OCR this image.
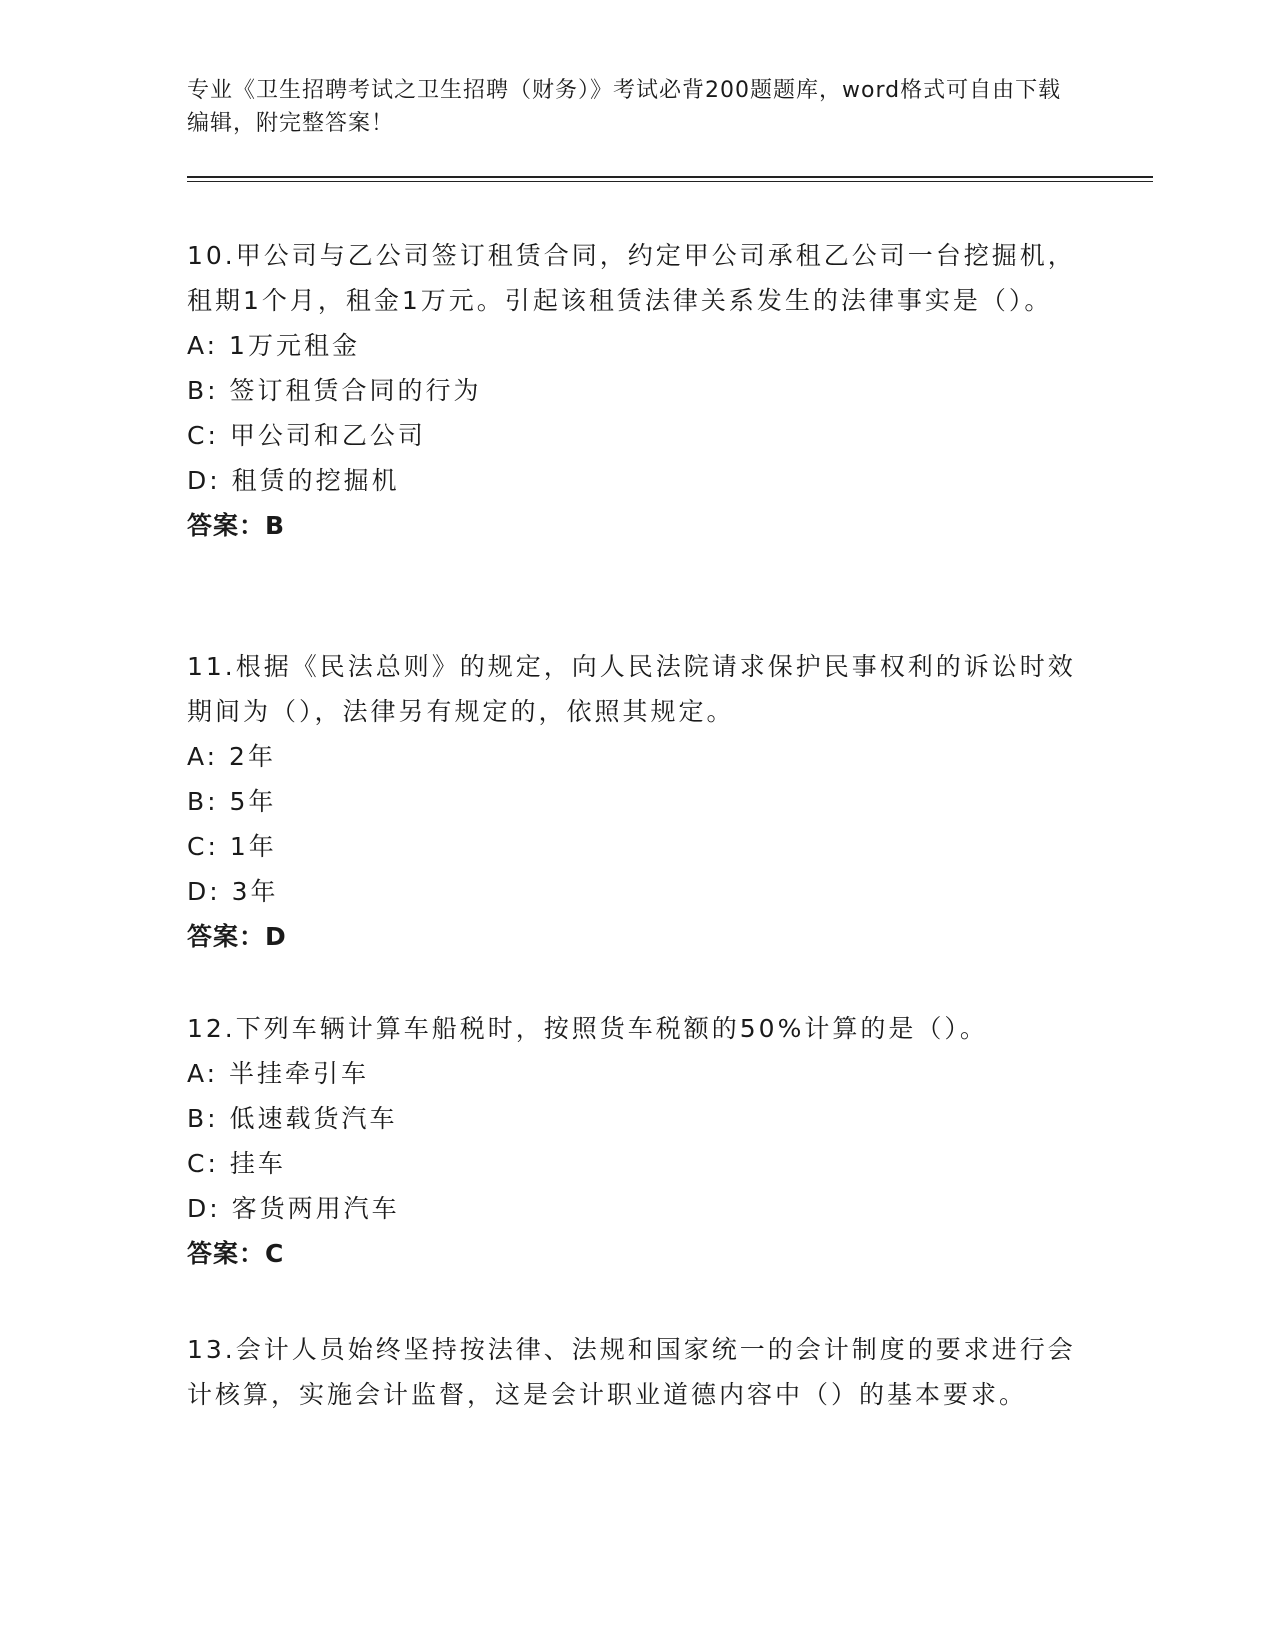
专业《卫生招聘考试之卫生招聘（财务）》考试必背200题题库，word格式可自由下载编辑，附完整答案！
10.甲公司与乙公司签订租赁合同，约定甲公司承租乙公司一台挖掘机，租期1个月，租金1万元。引起该租赁法律关系发生的法律事实是（）。
A: 1万元租金
B: 签订租赁合同的行为
C: 甲公司和乙公司
D: 租赁的挖掘机
答案：B
11.根据《民法总则》的规定，向人民法院请求保护民事权利的诉讼时效期间为（），法律另有规定的，依照其规定。
A: 2年
B: 5年
C: 1年
D: 3年
答案：D
12.下列车辆计算车船税时，按照货车税额的50%计算的是（）。
A: 半挂牵引车
B: 低速载货汽车
C: 挂车
D: 客货两用汽车
答案：C
13.会计人员始终坚持按法律、法规和国家统一的会计制度的要求进行会计核算，实施会计监督，这是会计职业道德内容中（）的基本要求。
